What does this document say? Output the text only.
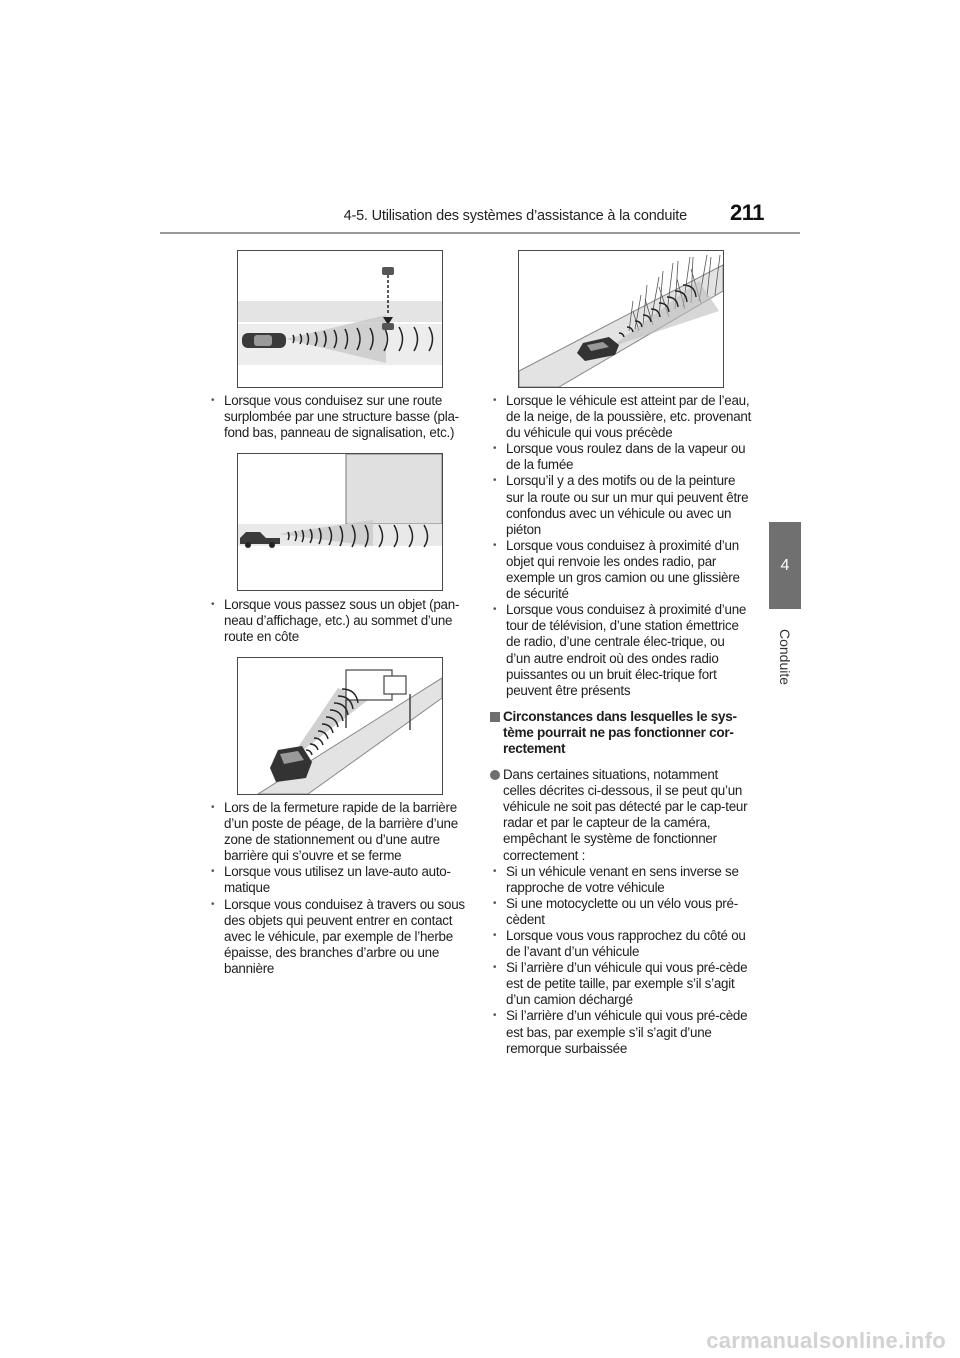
4-5. Utilisation des systèmes d’assistance à la conduite 211
4
Conduite
• Lorsque vous conduisez sur une route surplombée par une structure basse (pla-fond bas, panneau de signalisation, etc.)
• Lorsque vous passez sous un objet (pan-neau d’affichage, etc.) au sommet d’une route en côte
• Lors de la fermeture rapide de la barrière d’un poste de péage, de la barrière d’une zone de stationnement ou d’une autre barrière qui s’ouvre et se ferme
• Lorsque vous utilisez un lave-auto auto-matique
• Lorsque vous conduisez à travers ou sous des objets qui peuvent entrer en contact avec le véhicule, par exemple de l’herbe épaisse, des branches d’arbre ou une bannière
• Lorsque le véhicule est atteint par de l’eau, de la neige, de la poussière, etc. provenant du véhicule qui vous précède
• Lorsque vous roulez dans de la vapeur ou de la fumée
• Lorsqu’il y a des motifs ou de la peinture sur la route ou sur un mur qui peuvent être confondus avec un véhicule ou avec un piéton
• Lorsque vous conduisez à proximité d’un objet qui renvoie les ondes radio, par exemple un gros camion ou une glissière de sécurité
• Lorsque vous conduisez à proximité d’une tour de télévision, d’une station émettrice de radio, d’une centrale élec-trique, ou d’un autre endroit où des ondes radio puissantes ou un bruit élec-trique fort peuvent être présents
Circonstances dans lesquelles le sys-tème pourrait ne pas fonctionner cor-rectement
Dans certaines situations, notamment celles décrites ci-dessous, il se peut qu’un véhicule ne soit pas détecté par le cap-teur radar et par le capteur de la caméra, empêchant le système de fonctionner correctement :
• Si un véhicule venant en sens inverse se rapproche de votre véhicule
• Si une motocyclette ou un vélo vous pré-cèdent
• Lorsque vous vous rapprochez du côté ou de l’avant d’un véhicule
• Si l’arrière d’un véhicule qui vous pré-cède est de petite taille, par exemple s’il s’agit d’un camion déchargé
• Si l’arrière d’un véhicule qui vous pré-cède est bas, par exemple s’il s’agit d’une remorque surbaissée
carmanualsonline.info
